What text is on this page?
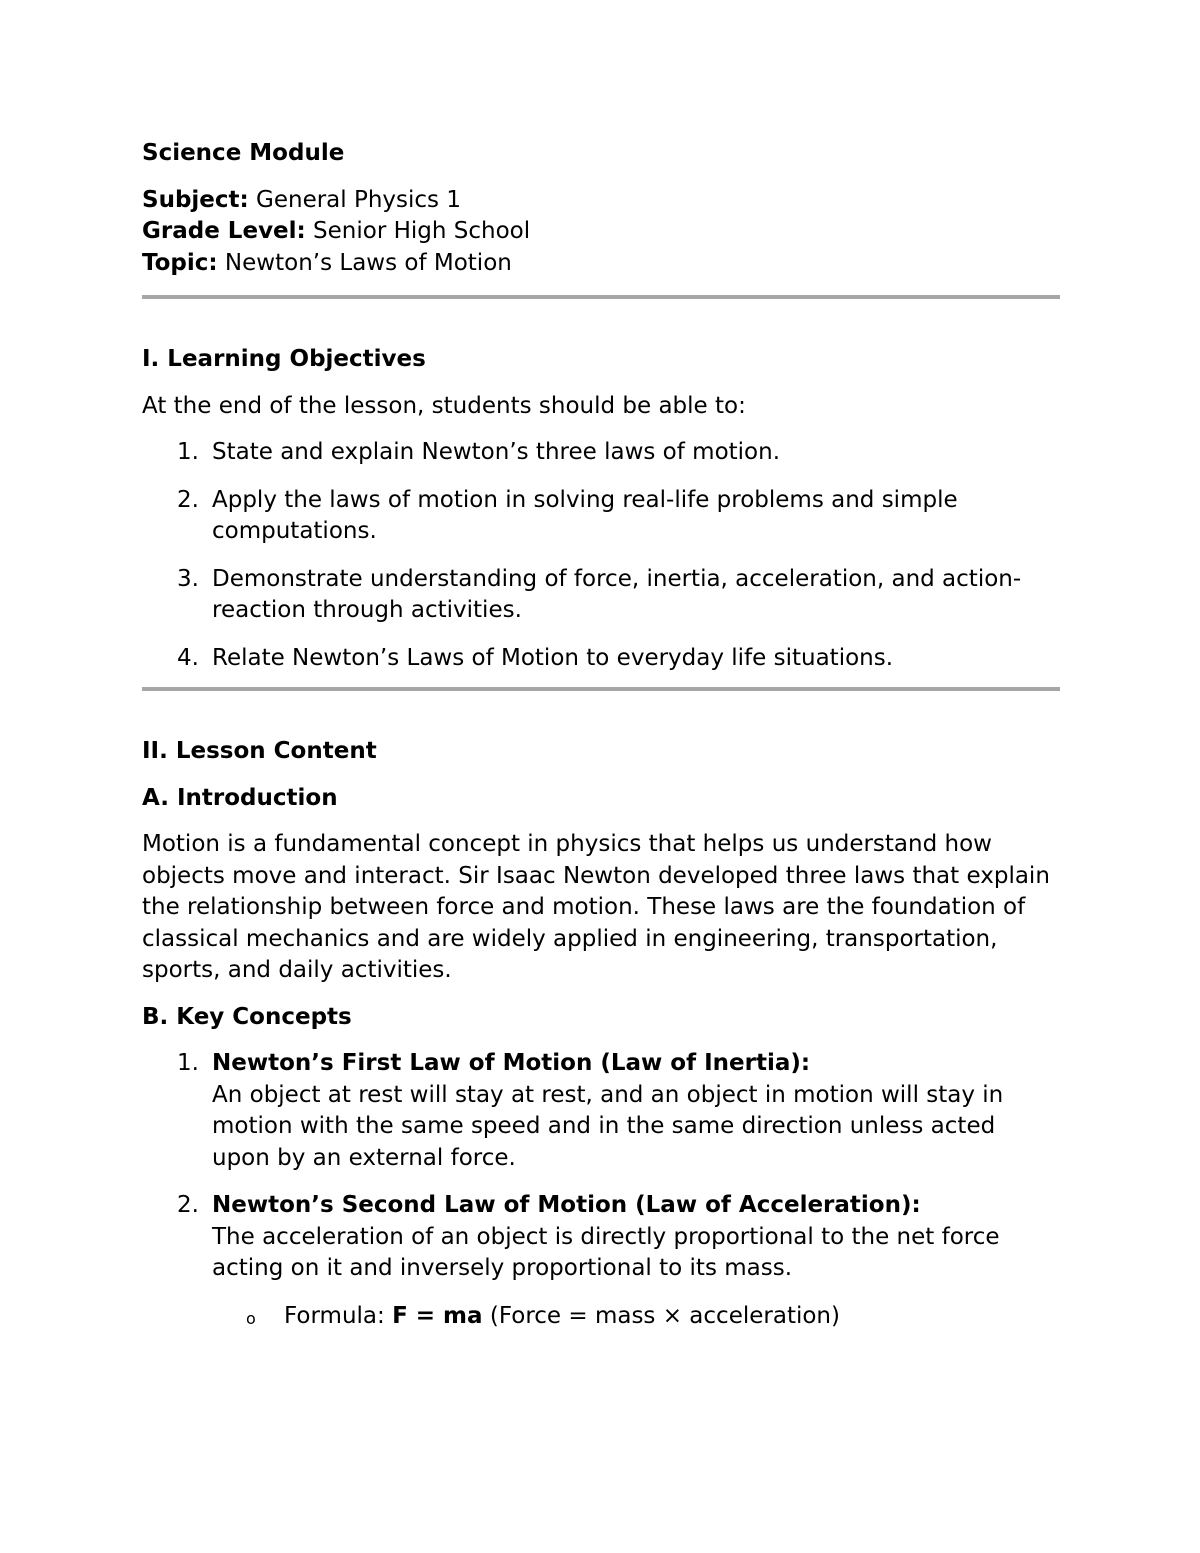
Science Module
Subject: General Physics 1
Grade Level: Senior High School
Topic: Newton’s Laws of Motion
I. Learning Objectives

At the end of the lesson, students should be able to:

1. State and explain Newton’s three laws of motion.
2. Apply the laws of motion in solving real-life problems and simple computations.
3. Demonstrate understanding of force, inertia, acceleration, and action-reaction through activities.
4. Relate Newton’s Laws of Motion to everyday life situations.
II. Lesson Content
A. Introduction

Motion is a fundamental concept in physics that helps us understand how objects move and interact. Sir Isaac Newton developed three laws that explain the relationship between force and motion. These laws are the foundation of classical mechanics and are widely applied in engineering, transportation, sports, and daily activities.

B. Key Concepts
1. Newton’s First Law of Motion (Law of Inertia):
An object at rest will stay at rest, and an object in motion will stay in motion with the same speed and in the same direction unless acted upon by an external force.
2. Newton’s Second Law of Motion (Law of Acceleration):
The acceleration of an object is directly proportional to the net force acting on it and inversely proportional to its mass.
o Formula: F = ma (Force = mass × acceleration)
